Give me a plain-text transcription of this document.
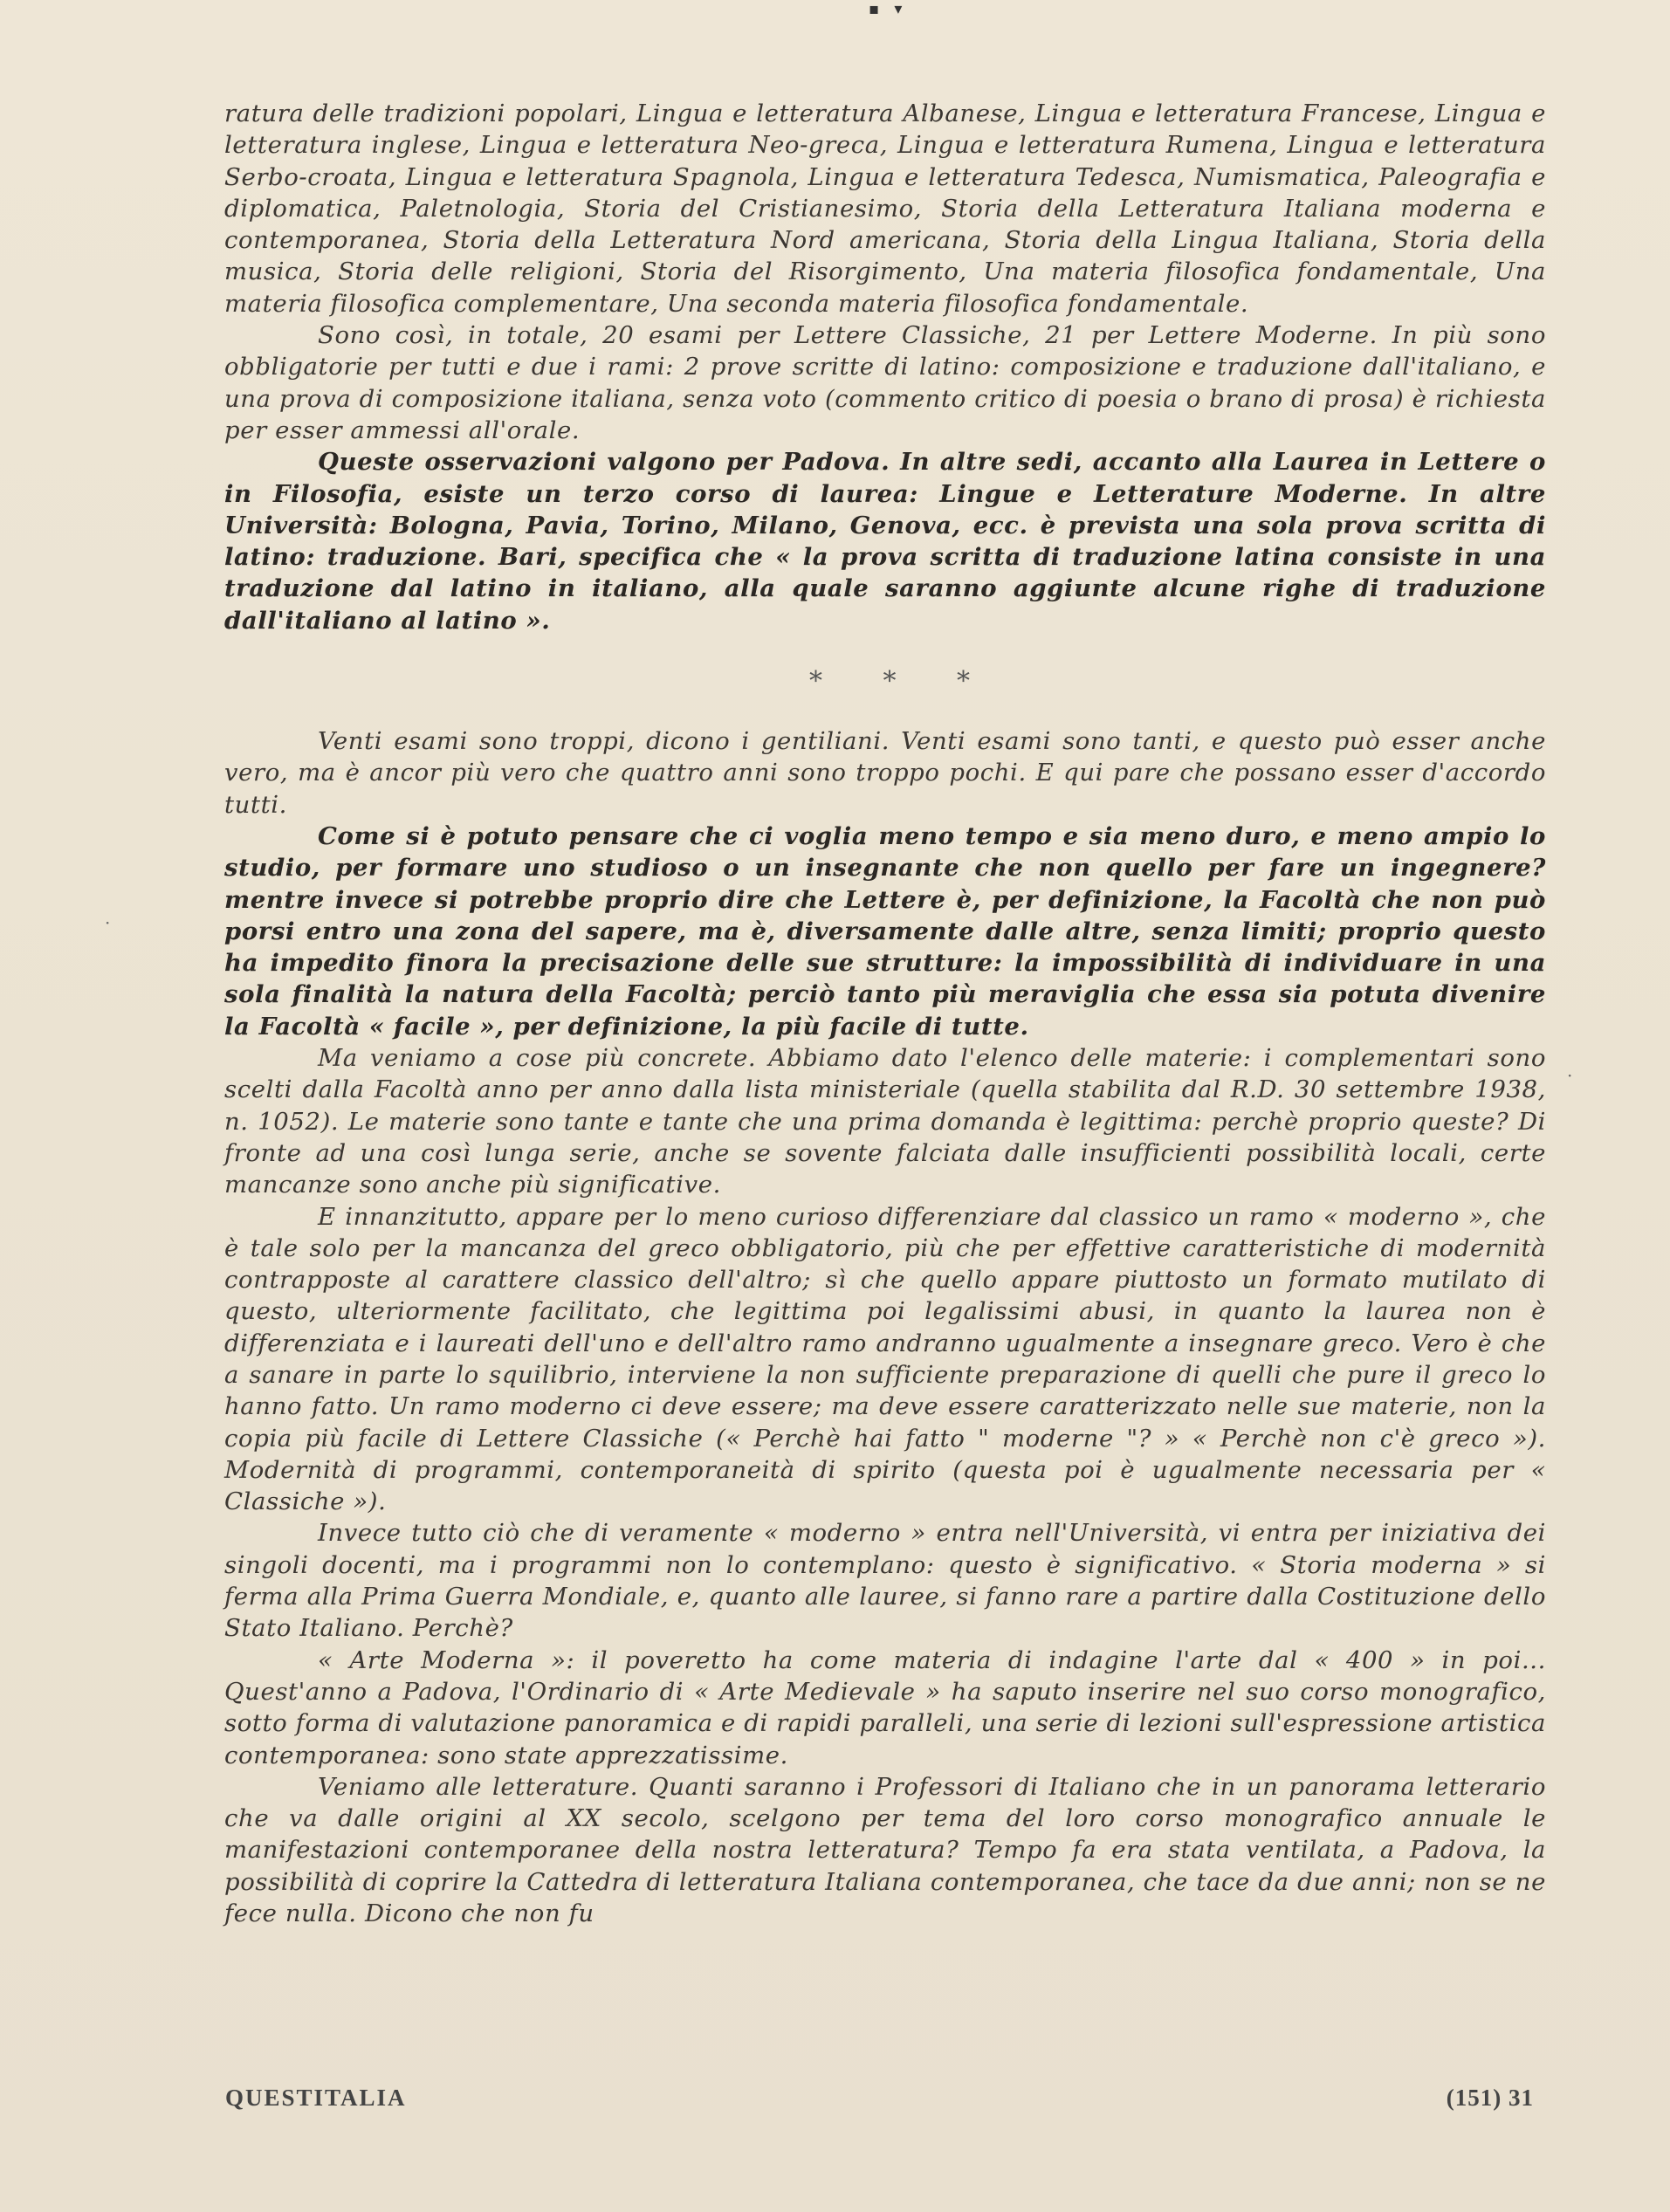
▪   ▾

ratura delle tradizioni popolari, Lingua e letteratura Albanese, Lingua e letteratura Francese, Lingua e letteratura inglese, Lingua e letteratura Neo-greca, Lingua e letteratura Rumena, Lingua e letteratura Serbo-croata, Lingua e letteratura Spagnola, Lingua e letteratura Tedesca, Numismatica, Paleografia e diplomatica, Paletnologia, Storia del Cristianesimo, Storia della Letteratura Italiana moderna e contemporanea, Storia della Letteratura Nord americana, Storia della Lingua Italiana, Storia della musica, Storia delle religioni, Storia del Risorgimento, Una materia filosofica fondamentale, Una materia filosofica complementare, Una seconda materia filosofica fondamentale.

Sono così, in totale, 20 esami per Lettere Classiche, 21 per Lettere Moderne. In più sono obbligatorie per tutti e due i rami: 2 prove scritte di latino: composizione e traduzione dall'italiano, e una prova di composizione italiana, senza voto (commento critico di poesia o brano di prosa) è richiesta per esser ammessi all'orale.

Queste osservazioni valgono per Padova. In altre sedi, accanto alla Laurea in Lettere o in Filosofia, esiste un terzo corso di laurea: Lingue e Letterature Moderne. In altre Università: Bologna, Pavia, Torino, Milano, Genova, ecc. è prevista una sola prova scritta di latino: traduzione. Bari, specifica che « la prova scritta di traduzione latina consiste in una traduzione dal latino in italiano, alla quale saranno aggiunte alcune righe di traduzione dall'italiano al latino ».

* * *

Venti esami sono troppi, dicono i gentiliani. Venti esami sono tanti, e questo può esser anche vero, ma è ancor più vero che quattro anni sono troppo pochi. E qui pare che possano esser d'accordo tutti.

Come si è potuto pensare che ci voglia meno tempo e sia meno duro, e meno ampio lo studio, per formare uno studioso o un insegnante che non quello per fare un ingegnere? mentre invece si potrebbe proprio dire che Lettere è, per definizione, la Facoltà che non può porsi entro una zona del sapere, ma è, diversamente dalle altre, senza limiti; proprio questo ha impedito finora la precisazione delle sue strutture: la impossibilità di individuare in una sola finalità la natura della Facoltà; perciò tanto più meraviglia che essa sia potuta divenire la Facoltà « facile », per definizione, la più facile di tutte.

Ma veniamo a cose più concrete. Abbiamo dato l'elenco delle materie: i complementari sono scelti dalla Facoltà anno per anno dalla lista ministeriale (quella stabilita dal R.D. 30 settembre 1938, n. 1052). Le materie sono tante e tante che una prima domanda è legittima: perchè proprio queste? Di fronte ad una così lunga serie, anche se sovente falciata dalle insufficienti possibilità locali, certe mancanze sono anche più significative.

E innanzitutto, appare per lo meno curioso differenziare dal classico un ramo « moderno », che è tale solo per la mancanza del greco obbligatorio, più che per effettive caratteristiche di modernità contrapposte al carattere classico dell'altro; sì che quello appare piuttosto un formato mutilato di questo, ulteriormente facilitato, che legittima poi legalissimi abusi, in quanto la laurea non è differenziata e i laureati dell'uno e dell'altro ramo andranno ugualmente a insegnare greco. Vero è che a sanare in parte lo squilibrio, interviene la non sufficiente preparazione di quelli che pure il greco lo hanno fatto. Un ramo moderno ci deve essere; ma deve essere caratterizzato nelle sue materie, non la copia più facile di Lettere Classiche (« Perchè hai fatto " moderne "? » « Perchè non c'è greco »). Modernità di programmi, contemporaneità di spirito (questa poi è ugualmente necessaria per « Classiche »).

Invece tutto ciò che di veramente « moderno » entra nell'Università, vi entra per iniziativa dei singoli docenti, ma i programmi non lo contemplano: questo è significativo. « Storia moderna » si ferma alla Prima Guerra Mondiale, e, quanto alle lauree, si fanno rare a partire dalla Costituzione dello Stato Italiano. Perchè?

« Arte Moderna »: il poveretto ha come materia di indagine l'arte dal « 400 » in poi... Quest'anno a Padova, l'Ordinario di « Arte Medievale » ha saputo inserire nel suo corso monografico, sotto forma di valutazione panoramica e di rapidi paralleli, una serie di lezioni sull'espressione artistica contemporanea: sono state apprezzatissime.

Veniamo alle letterature. Quanti saranno i Professori di Italiano che in un panorama letterario che va dalle origini al XX secolo, scelgono per tema del loro corso monografico annuale le manifestazioni contemporanee della nostra letteratura? Tempo fa era stata ventilata, a Padova, la possibilità di coprire la Cattedra di letteratura Italiana contemporanea, che tace da due anni; non se ne fece nulla. Dicono che non fu

·
·
QUESTITALIA	(151) 31
